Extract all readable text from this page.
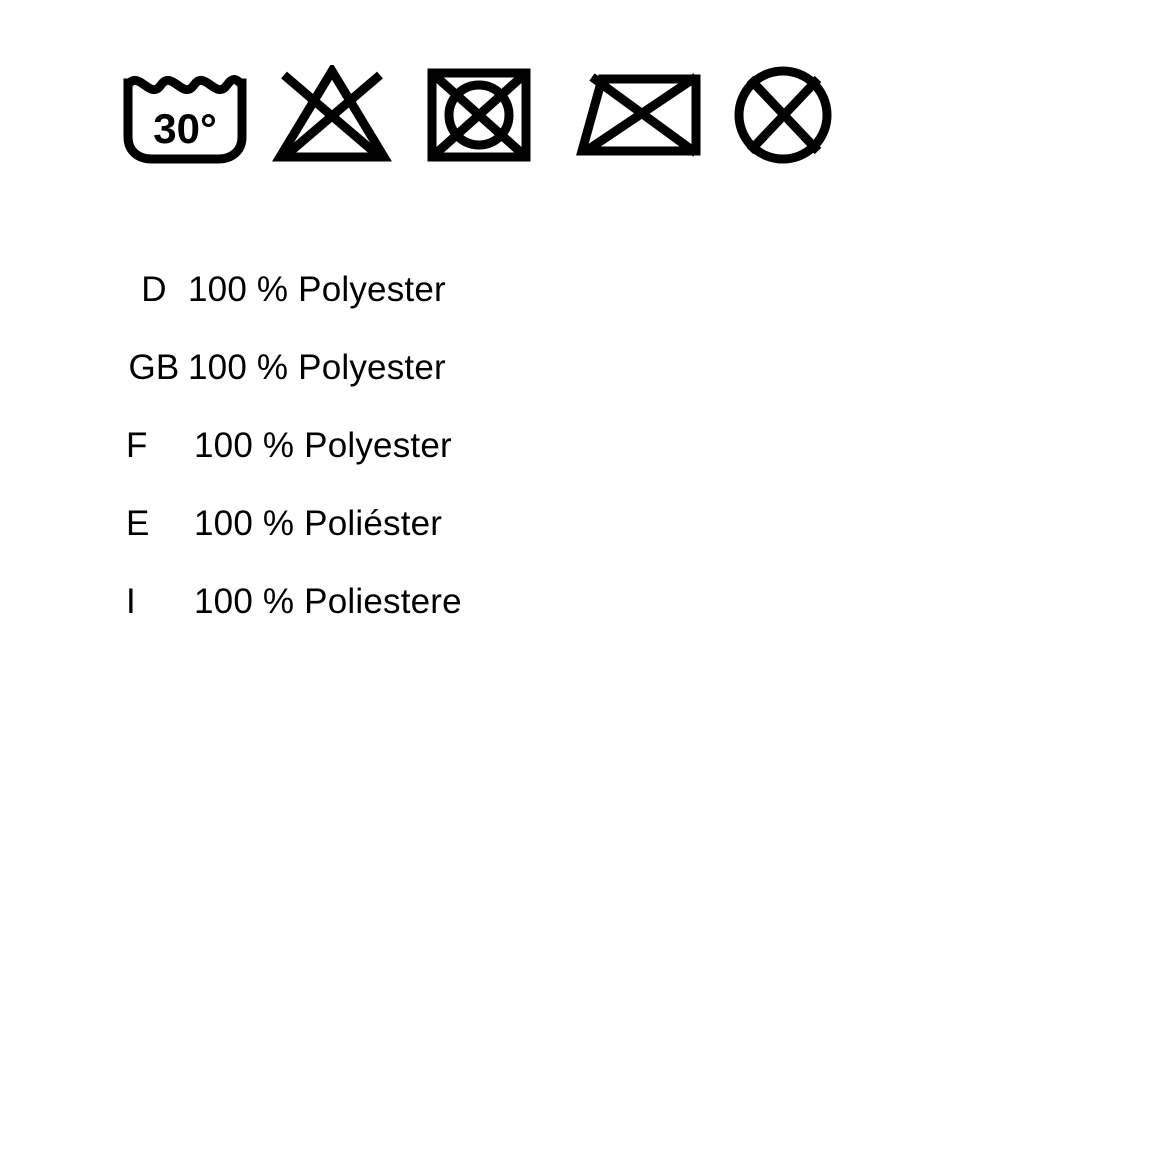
30°
D 100 % Polyester
GB 100 % Polyester
F	100 % Polyester
E	100 % Poliéster
I	100 % Poliestere
